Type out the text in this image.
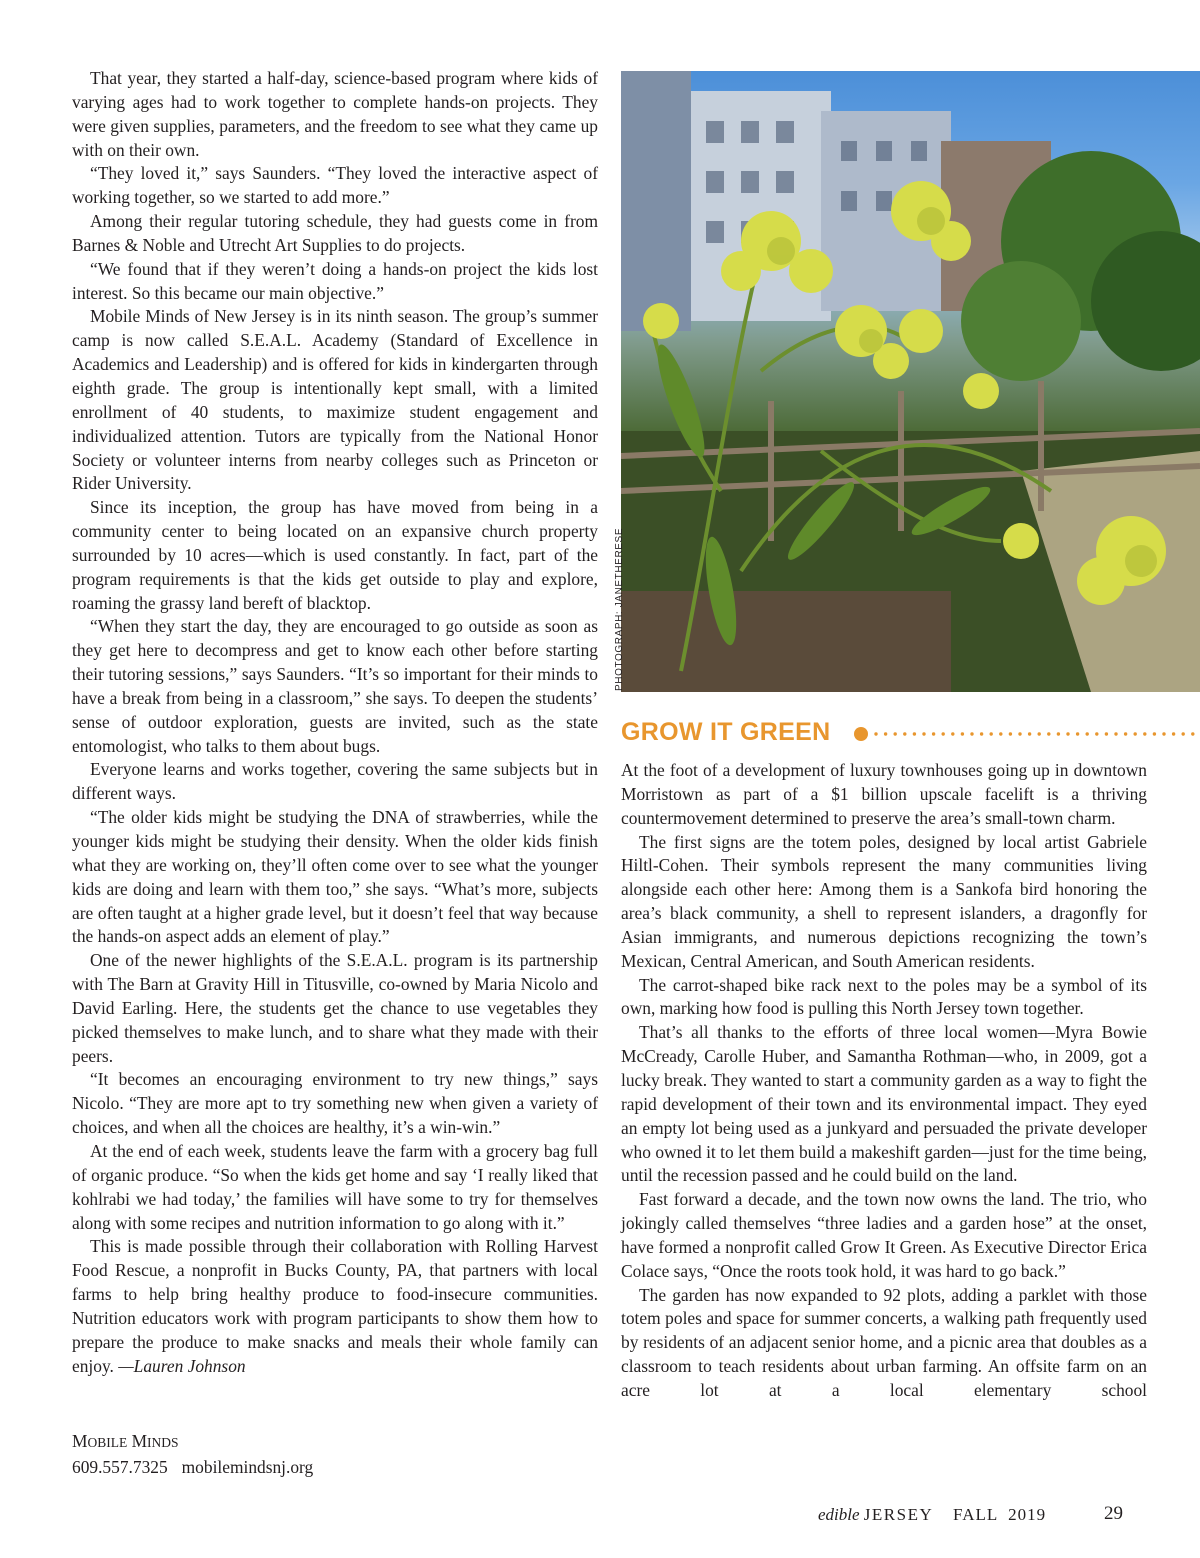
That year, they started a half-day, science-based program where kids of varying ages had to work together to complete hands-on projects. They were given supplies, parameters, and the freedom to see what they came up with on their own.

“They loved it,” says Saunders. “They loved the interactive aspect of working together, so we started to add more.”

Among their regular tutoring schedule, they had guests come in from Barnes & Noble and Utrecht Art Supplies to do projects.

“We found that if they weren’t doing a hands-on project the kids lost interest. So this became our main objective.”

Mobile Minds of New Jersey is in its ninth season. The group’s summer camp is now called S.E.A.L. Academy (Standard of Excellence in Academics and Leadership) and is offered for kids in kindergarten through eighth grade. The group is intentionally kept small, with a limited enrollment of 40 students, to maximize student engagement and individualized attention. Tutors are typically from the National Honor Society or volunteer interns from nearby colleges such as Princeton or Rider University.

Since its inception, the group has have moved from being in a community center to being located on an expansive church property surrounded by 10 acres—which is used constantly. In fact, part of the program requirements is that the kids get outside to play and explore, roaming the grassy land bereft of blacktop.

“When they start the day, they are encouraged to go outside as soon as they get here to decompress and get to know each other before starting their tutoring sessions,” says Saunders. “It’s so important for their minds to have a break from being in a classroom,” she says. To deepen the students’ sense of outdoor exploration, guests are invited, such as the state entomologist, who talks to them about bugs.

Everyone learns and works together, covering the same subjects but in different ways.

“The older kids might be studying the DNA of strawberries, while the younger kids might be studying their density. When the older kids finish what they are working on, they’ll often come over to see what the younger kids are doing and learn with them too,” she says. “What’s more, subjects are often taught at a higher grade level, but it doesn’t feel that way because the hands-on aspect adds an element of play.”

One of the newer highlights of the S.E.A.L. program is its partnership with The Barn at Gravity Hill in Titusville, co-owned by Maria Nicolo and David Earling. Here, the students get the chance to use vegetables they picked themselves to make lunch, and to share what they made with their peers.

“It becomes an encouraging environment to try new things,” says Nicolo. “They are more apt to try something new when given a variety of choices, and when all the choices are healthy, it’s a win-win.”

At the end of each week, students leave the farm with a grocery bag full of organic produce. “So when the kids get home and say ‘I really liked that kohlrabi we had today,’ the families will have some to try for themselves along with some recipes and nutrition information to go along with it.”

This is made possible through their collaboration with Rolling Harvest Food Rescue, a nonprofit in Bucks County, PA, that partners with local farms to help bring healthy produce to food-insecure communities. Nutrition educators work with program participants to show them how to prepare the produce to make snacks and meals their whole family can enjoy. —Lauren Johnson

MOBILE MINDS
609.557.7325 mobilemindsnj.org
PHOTOGRAPH: JANETHERESE
GROW IT GREEN

At the foot of a development of luxury townhouses going up in downtown Morristown as part of a $1 billion upscale facelift is a thriving countermovement determined to preserve the area’s small-town charm.

The first signs are the totem poles, designed by local artist Gabriele Hiltl-Cohen. Their symbols represent the many communities living alongside each other here: Among them is a Sankofa bird honoring the area’s black community, a shell to represent islanders, a dragonfly for Asian immigrants, and numerous depictions recognizing the town’s Mexican, Central American, and South American residents.

The carrot-shaped bike rack next to the poles may be a symbol of its own, marking how food is pulling this North Jersey town together.

That’s all thanks to the efforts of three local women—Myra Bowie McCready, Carolle Huber, and Samantha Rothman—who, in 2009, got a lucky break. They wanted to start a community garden as a way to fight the rapid development of their town and its environmental impact. They eyed an empty lot being used as a junkyard and persuaded the private developer who owned it to let them build a makeshift garden—just for the time being, until the recession passed and he could build on the land.

Fast forward a decade, and the town now owns the land. The trio, who jokingly called themselves “three ladies and a garden hose” at the onset, have formed a nonprofit called Grow It Green. As Executive Director Erica Colace says, “Once the roots took hold, it was hard to go back.”

The garden has now expanded to 92 plots, adding a parklet with those totem poles and space for summer concerts, a walking path frequently used by residents of an adjacent senior home, and a picnic area that doubles as a classroom to teach residents about urban farming. An offsite farm on an acre lot at a local elementary school

edible JERSEY FALL  2019	29
